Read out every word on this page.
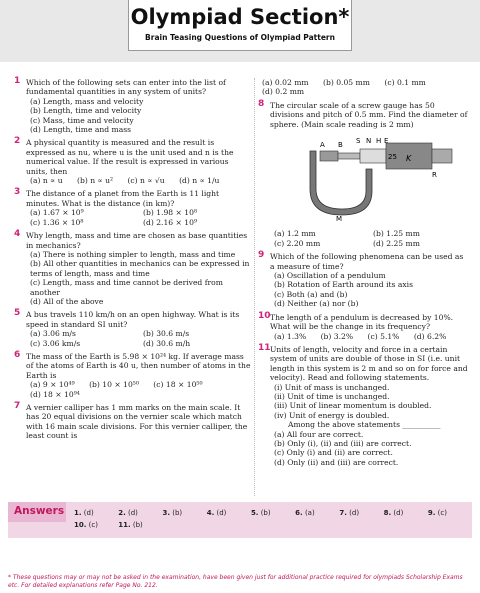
Olympiad Section*
Brain Teasing Questions of Olympiad Pattern
1 Which of the following sets can enter into the list of fundamental quantities in any system of units?
(a) Length, mass and velocity
(b) Length, time and velocity
(c) Mass, time and velocity
(d) Length, time and mass
2 A physical quantity is measured and the result is expressed as nu, where u is the unit used and n is the numerical value. If the result is expressed in various units, then
(a) n ∝ u (b) n ∝ u² (c) n ∝ √u (d) n ∝ 1/u
3 The distance of a planet from the Earth is 11 light minutes. What is the distance (in km)?
(a) 1.67 × 10⁹	(b) 1.98 × 10⁸
(c) 1.36 × 10⁸	(d) 2.16 × 10⁹
4 Why length, mass and time are chosen as base quantities in mechanics?
(a) There is nothing simpler to length, mass and time
(b) All other quantities in mechanics can be expressed in terms of length, mass and time
(c) Length, mass and time cannot be derived from another
(d) All of the above
5 A bus travels 110 km/h on an open highway. What is its speed in standard SI unit?
(a) 3.06 m/s	(b) 30.6 m/s
(c) 3.06 km/s	(d) 30.6 m/h
6 The mass of the Earth is 5.98 × 10²⁴ kg. If average mass of the atoms of Earth is 40 u, then number of atoms in the Earth is
(a) 9 × 10⁴⁹ (b) 10 × 10⁵⁰ (c) 18 × 10⁵⁰ (d) 18 × 10⁹⁴
7 A vernier calliper has 1 mm marks on the main scale. It has 20 equal divisions on the vernier scale which match with 16 main scale divisions. For this vernier calliper, the least count is
(a) 0.02 mm (b) 0.05 mm (c) 0.1 mm (d) 0.2 mm
8 The circular scale of a screw gauge has 50 divisions and pitch of 0.5 mm. Find the diameter of sphere. (Main scale reading is 2 mm)
A B S N H E
25 K
R
M
(a) 1.2 mm	(b) 1.25 mm
(c) 2.20 mm	(d) 2.25 mm
9 Which of the following phenomena can be used as a measure of time?
(a) Oscillation of a pendulum
(b) Rotation of Earth around its axis
(c) Both (a) and (b)
(d) Neither (a) nor (b)
10 The length of a pendulum is decreased by 10%. What will be the change in its frequency?
(a) 1.3% (b) 3.2% (c) 5.1% (d) 6.2%
11 Units of length, velocity and force in a certain system of units are double of those in SI (i.e. unit length in this system is 2 m and so on for force and velocity). Read and following statements.
(i) Unit of mass is unchanged.
(ii) Unit of time is unchanged.
(iii) Unit of linear momentum is doubled.
(iv) Unit of energy is doubled.
Among the above statements __________
(a) All four are correct.
(b) Only (i), (ii) and (iii) are correct.
(c) Only (i) and (ii) are correct.
(d) Only (ii) and (iii) are correct.
Answers 1. (d)	2. (d)	3. (b)	4. (d)	5. (b)	6. (a)	7. (d)	8. (d)	9. (c) 10. (c)	11. (b)
* These questions may or may not be asked in the examination, have been given just for additional practice required for olympiads Scholarship Exams etc. For detailed explanations refer Page No. 212.
